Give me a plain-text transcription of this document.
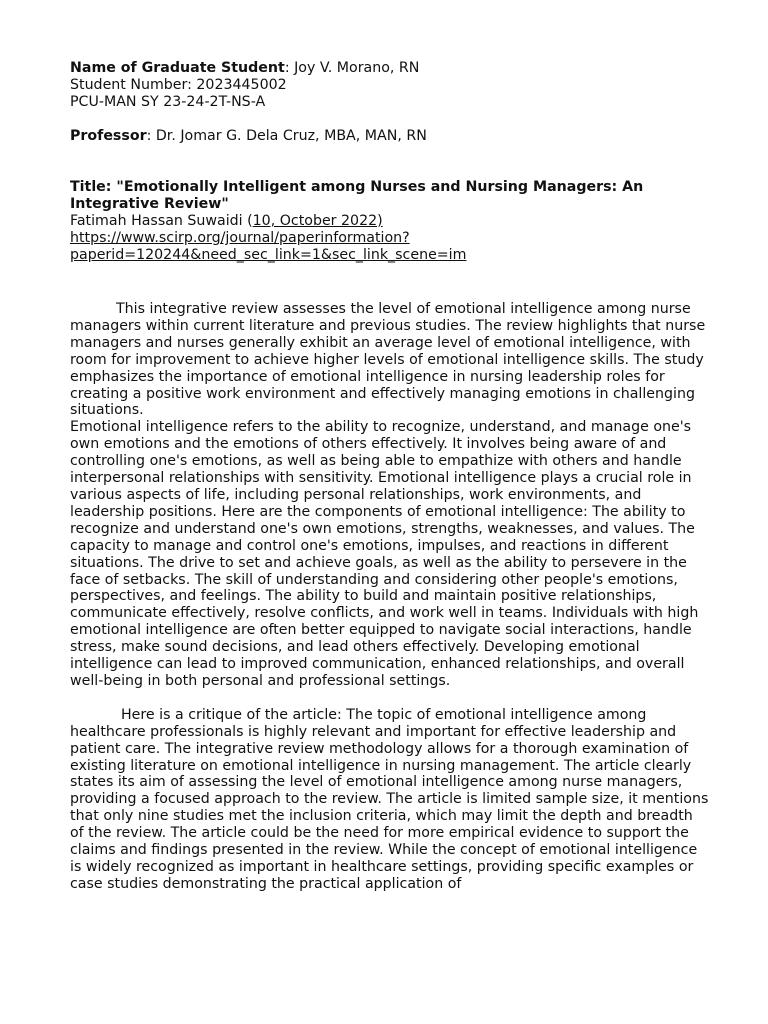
Name of Graduate Student: Joy V. Morano, RN
Student Number: 2023445002
PCU-MAN SY 23-24-2T-NS-A
Professor: Dr. Jomar G. Dela Cruz, MBA, MAN, RN
Title: "Emotionally Intelligent among Nurses and Nursing Managers: An Integrative Review"
Fatimah Hassan Suwaidi (10, October 2022)
https://www.scirp.org/journal/paperinformation?
paperid=120244&need_sec_link=1&sec_link_scene=im
This integrative review assesses the level of emotional intelligence among nurse managers within current literature and previous studies. The review highlights that nurse managers and nurses generally exhibit an average level of emotional intelligence, with room for improvement to achieve higher levels of emotional intelligence skills. The study emphasizes the importance of emotional intelligence in nursing leadership roles for creating a positive work environment and effectively managing emotions in challenging situations.
Emotional intelligence refers to the ability to recognize, understand, and manage one's own emotions and the emotions of others effectively. It involves being aware of and controlling one's emotions, as well as being able to empathize with others and handle interpersonal relationships with sensitivity. Emotional intelligence plays a crucial role in various aspects of life, including personal relationships, work environments, and leadership positions. Here are the components of emotional intelligence: The ability to recognize and understand one's own emotions, strengths, weaknesses, and values. The capacity to manage and control one's emotions, impulses, and reactions in different situations. The drive to set and achieve goals, as well as the ability to persevere in the face of setbacks. The skill of understanding and considering other people's emotions, perspectives, and feelings. The ability to build and maintain positive relationships, communicate effectively, resolve conflicts, and work well in teams. Individuals with high emotional intelligence are often better equipped to navigate social interactions, handle stress, make sound decisions, and lead others effectively. Developing emotional intelligence can lead to improved communication, enhanced relationships, and overall well-being in both personal and professional settings.
Here is a critique of the article: The topic of emotional intelligence among healthcare professionals is highly relevant and important for effective leadership and patient care. The integrative review methodology allows for a thorough examination of existing literature on emotional intelligence in nursing management. The article clearly states its aim of assessing the level of emotional intelligence among nurse managers, providing a focused approach to the review. The article is limited sample size, it mentions that only nine studies met the inclusion criteria, which may limit the depth and breadth of the review. The article could be the need for more empirical evidence to support the claims and findings presented in the review. While the concept of emotional intelligence is widely recognized as important in healthcare settings, providing specific examples or case studies demonstrating the practical application of
